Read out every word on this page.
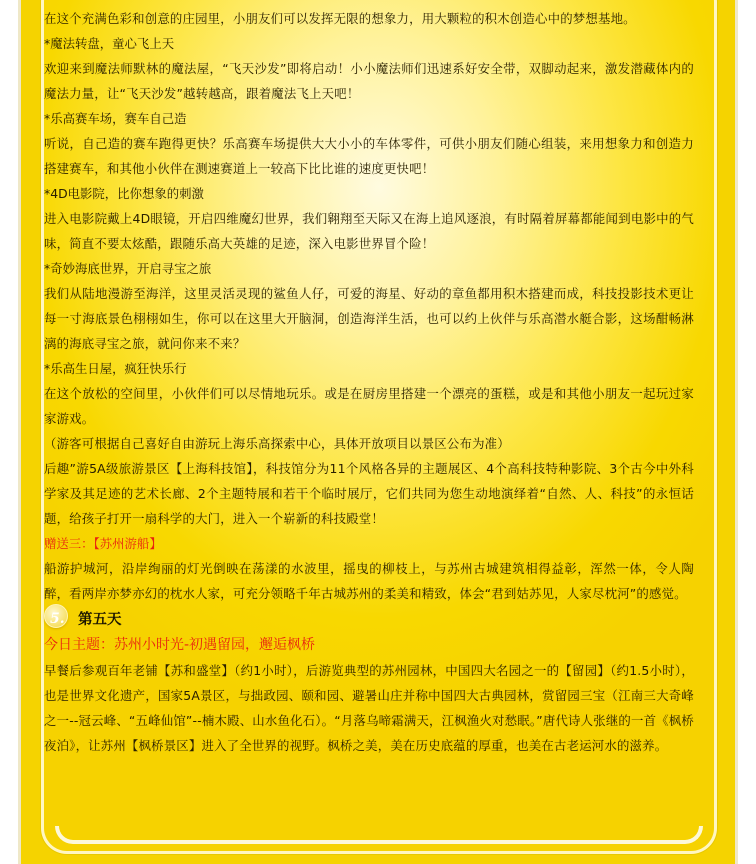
在这个充满色彩和创意的庄园里，小朋友们可以发挥无限的想象力，用大颗粒的积木创造心中的梦想基地。

*魔法转盘，童心飞上天

欢迎来到魔法师默林的魔法屋，“飞天沙发”即将启动！小小魔法师们迅速系好安全带，双脚动起来，激发潜藏体内的魔法力量，让“飞天沙发”越转越高，跟着魔法飞上天吧！

*乐高赛车场，赛车自己造

听说，自己造的赛车跑得更快？乐高赛车场提供大大小小的车体零件，可供小朋友们随心组装，来用想象力和创造力搭建赛车，和其他小伙伴在测速赛道上一较高下比比谁的速度更快吧！

*4D电影院，比你想象的刺激

进入电影院戴上4D眼镜，开启四维魔幻世界，我们翱翔至天际又在海上追风逐浪，有时隔着屏幕都能闻到电影中的气味，简直不要太炫酷，跟随乐高大英雄的足迹，深入电影世界冒个险！

*奇妙海底世界，开启寻宝之旅

我们从陆地漫游至海洋，这里灵活灵现的鲨鱼人仔，可爱的海星、好动的章鱼都用积木搭建而成，科技投影技术更让每一寸海底景色栩栩如生，你可以在这里大开脑洞，创造海洋生活，也可以约上伙伴与乐高潜水艇合影，这场酣畅淋漓的海底寻宝之旅，就问你来不来？

*乐高生日屋，疯狂快乐行

在这个放松的空间里，小伙伴们可以尽情地玩乐。或是在厨房里搭建一个漂亮的蛋糕，或是和其他小朋友一起玩过家家游戏。

（游客可根据自己喜好自由游玩上海乐高探索中心，具体开放项目以景区公布为准）

后趣”游5A级旅游景区【上海科技馆】，科技馆分为11个风格各异的主题展区、4个高科技特种影院、3个古今中外科学家及其足迹的艺术长廊、2个主题特展和若干个临时展厅，它们共同为您生动地演绎着“自然、人、科技”的永恒话题，给孩子打开一扇科学的大门，进入一个崭新的科技殿堂！

赠送三：【苏州游船】

船游护城河，沿岸绚丽的灯光倒映在荡漾的水波里，摇曳的柳枝上，与苏州古城建筑相得益彰，浑然一体，令人陶醉，看两岸亦梦亦幻的枕水人家，可充分领略千年古城苏州的柔美和精致，体会“君到姑苏见，人家尽枕河”的感觉。

5. 第五天

今日主题：苏州小时光-初遇留园，邂逅枫桥

早餐后参观百年老铺【苏和盛堂】（约1小时），后游览典型的苏州园林，中国四大名园之一的【留园】（约1.5小时），也是世界文化遗产，国家5A景区，与拙政园、颐和园、避暑山庄并称中国四大古典园林，赏留园三宝（江南三大奇峰之一--冠云峰、“五峰仙馆”--楠木殿、山水鱼化石）。“月落乌啼霜满天，江枫渔火对愁眠。”唐代诗人张继的一首《枫桥夜泊》，让苏州【枫桥景区】进入了全世界的视野。枫桥之美，美在历史底蕴的厚重，也美在古老运河水的滋养。
